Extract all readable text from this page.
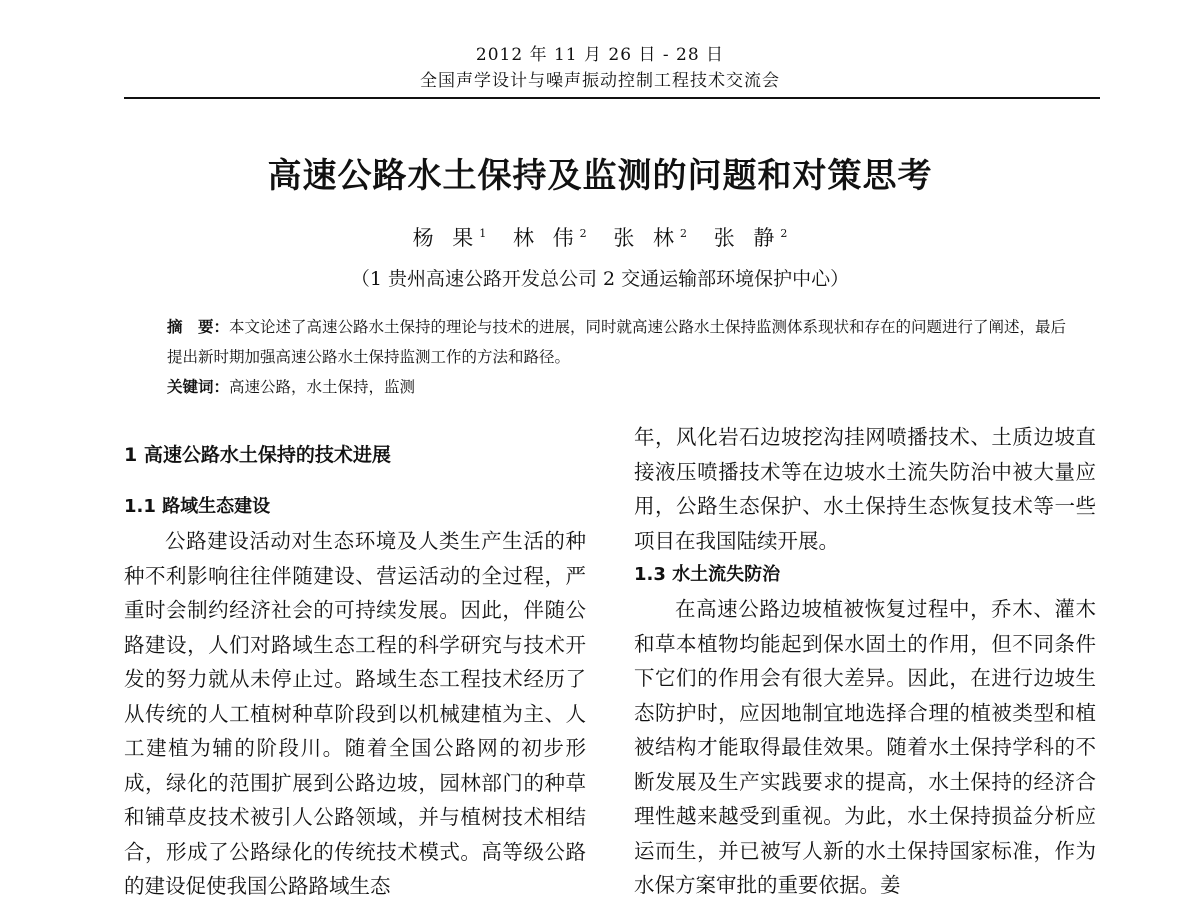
2012 年 11 月 26 日 - 28 日
全国声学设计与噪声振动控制工程技术交流会
高速公路水土保持及监测的问题和对策思考
杨 果$^1$ 林 伟$^2$ 张 林$^2$ 张 静$^2$
（1 贵州高速公路开发总公司 2 交通运输部环境保护中心）

摘　要：本文论述了高速公路水土保持的理论与技术的进展，同时就高速公路水土保持监测体系现状和存在的问题进行了阐述，最后提出新时期加强高速公路水土保持监测工作的方法和路径。

关键词：高速公路，水土保持，监测

1 高速公路水土保持的技术进展
1.1 路域生态建设

公路建设活动对生态环境及人类生产生活的种种不利影响往往伴随建设、营运活动的全过程，严重时会制约经济社会的可持续发展。因此，伴随公路建设，人们对路域生态工程的科学研究与技术开发的努力就从未停止过。路域生态工程技术经历了从传统的人工植树种草阶段到以机械建植为主、人工建植为辅的阶段川。随着全国公路网的初步形成，绿化的范围扩展到公路边坡，园林部门的种草和铺草皮技术被引人公路领域，并与植树技术相结合，形成了公路绿化的传统技术模式。高等级公路的建设促使我国公路路域生态

年，风化岩石边坡挖沟挂网喷播技术、土质边坡直接液压喷播技术等在边坡水土流失防治中被大量应用，公路生态保护、水土保持生态恢复技术等一些项目在我国陆续开展。

1.3 水土流失防治

在高速公路边坡植被恢复过程中，乔木、灌木和草本植物均能起到保水固土的作用，但不同条件下它们的作用会有很大差异。因此，在进行边坡生态防护时，应因地制宜地选择合理的植被类型和植被结构才能取得最佳效果。随着水土保持学科的不断发展及生产实践要求的提高，水土保持的经济合理性越来越受到重视。为此，水土保持损益分析应运而生，并已被写人新的水土保持国家标准，作为水保方案审批的重要依据。姜
